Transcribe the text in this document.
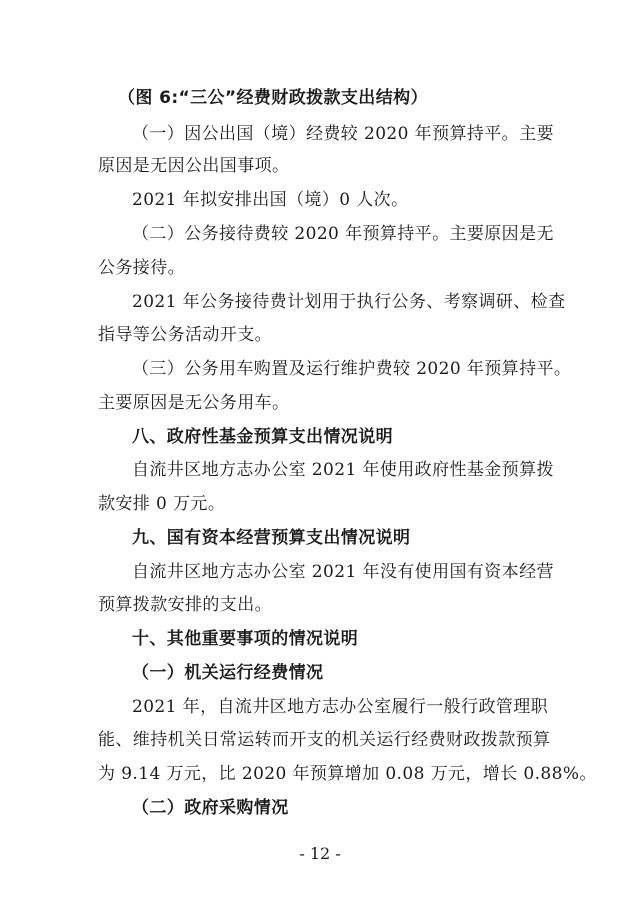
（图 6:“三公”经费财政拨款支出结构）
（一）因公出国（境）经费较 2020 年预算持平。主要
原因是无因公出国事项。
2021 年拟安排出国（境）0 人次。
（二）公务接待费较 2020 年预算持平。主要原因是无
公务接待。
2021 年公务接待费计划用于执行公务、考察调研、检查
指导等公务活动开支。
（三）公务用车购置及运行维护费较 2020 年预算持平。
主要原因是无公务用车。
八、政府性基金预算支出情况说明
自流井区地方志办公室 2021 年使用政府性基金预算拨
款安排 0 万元。
九、国有资本经营预算支出情况说明
自流井区地方志办公室 2021 年没有使用国有资本经营
预算拨款安排的支出。
十、其他重要事项的情况说明
（一）机关运行经费情况
2021 年，自流井区地方志办公室履行一般行政管理职
能、维持机关日常运转而开支的机关运行经费财政拨款预算
为 9.14 万元，比 2020 年预算增加 0.08 万元，增长 0.88%。
（二）政府采购情况
- 12 -
